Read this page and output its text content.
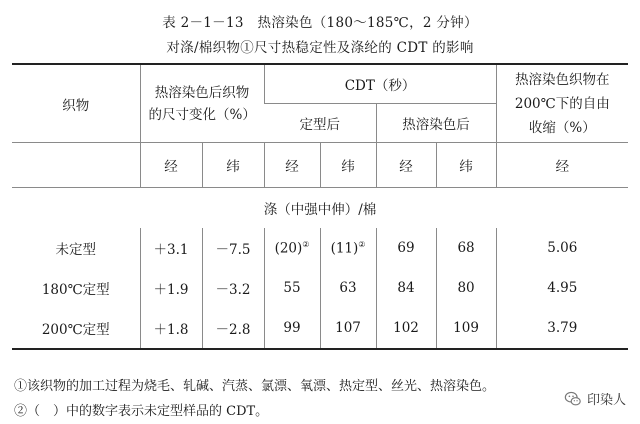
表 2－1－13　热溶染色（180～185℃，2 分钟）
对涤/棉织物①尺寸热稳定性及涤纶的 CDT 的影响
织物	热溶染色后织物的尺寸变化（%）		CDT（秒）				热溶染色织物在200℃下的自由收缩（%）
			定型后		热溶染色后		
	经	纬	经	纬	经	纬	经
涤（中强中伸）/棉							
未定型	＋3.1	－7.5	(20)②	(11)②	69	68	5.06
180℃定型	＋1.9	－3.2	55	63	84	80	4.95
200℃定型	＋1.8	－2.8	99	107	102	109	3.79
①该织物的加工过程为烧毛、轧碱、汽蒸、氯漂、氧漂、热定型、丝光、热溶染色。
②（　）中的数字表示未定型样品的 CDT。
印染人
